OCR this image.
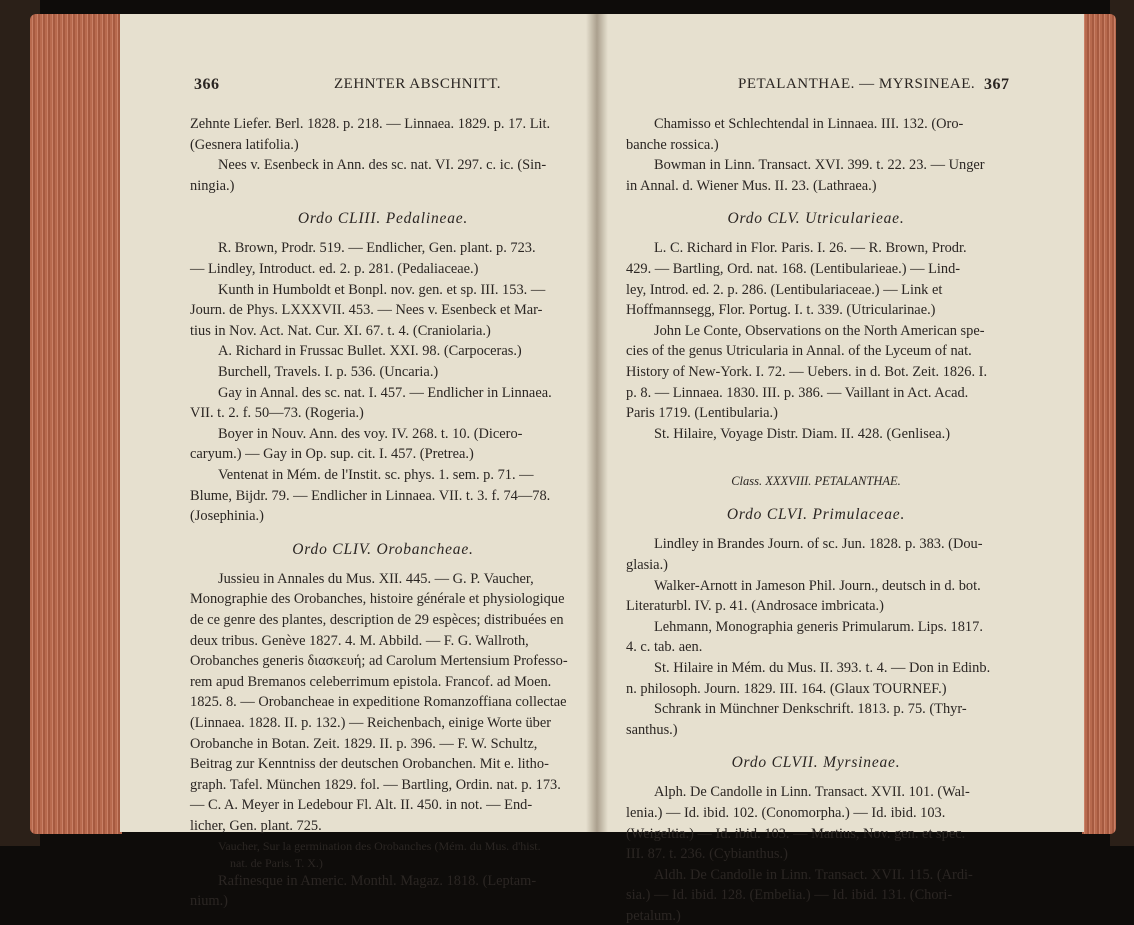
366	ZEHNTER ABSCHNITT.
Zehnte Liefer. Berl. 1828. p. 218. — Linnaea. 1829. p. 17. Lit.
(Gesnera latifolia.)
Nees v. Esenbeck in Ann. des sc. nat. VI. 297. c. ic. (Sin-
ningia.)
Ordo CLIII. Pedalineae.
R. Brown, Prodr. 519. — Endlicher, Gen. plant. p. 723.
— Lindley, Introduct. ed. 2. p. 281. (Pedaliaceae.)
Kunth in Humboldt et Bonpl. nov. gen. et sp. III. 153. —
Journ. de Phys. LXXXVII. 453. — Nees v. Esenbeck et Mar-
tius in Nov. Act. Nat. Cur. XI. 67. t. 4. (Craniolaria.)
A. Richard in Frussac Bullet. XXI. 98. (Carpoceras.)
Burchell, Travels. I. p. 536. (Uncaria.)
Gay in Annal. des sc. nat. I. 457. — Endlicher in Linnaea.
VII. t. 2. f. 50—73. (Rogeria.)
Boyer in Nouv. Ann. des voy. IV. 268. t. 10. (Dicero-
caryum.) — Gay in Op. sup. cit. I. 457. (Pretrea.)
Ventenat in Mém. de l'Instit. sc. phys. 1. sem. p. 71. —
Blume, Bijdr. 79. — Endlicher in Linnaea. VII. t. 3. f. 74—78.
(Josephinia.)
Ordo CLIV. Orobancheae.
Jussieu in Annales du Mus. XII. 445. — G. P. Vaucher,
Monographie des Orobanches, histoire générale et physiologique
de ce genre des plantes, description de 29 espèces; distribuées en
deux tribus. Genève 1827. 4. M. Abbild. — F. G. Wallroth,
Orobanches generis διασκευή; ad Carolum Mertensium Professo-
rem apud Bremanos celeberrimum epistola. Francof. ad Moen.
1825. 8. — Orobancheae in expeditione Romanzoffiana collectae
(Linnaea. 1828. II. p. 132.) — Reichenbach, einige Worte über
Orobanche in Botan. Zeit. 1829. II. p. 396. — F. W. Schultz,
Beitrag zur Kenntniss der deutschen Orobanchen. Mit e. litho-
graph. Tafel. München 1829. fol. — Bartling, Ordin. nat. p. 173.
— C. A. Meyer in Ledebour Fl. Alt. II. 450. in not. — End-
licher, Gen. plant. 725.
Vaucher, Sur la germination des Orobanches (Mém. du Mus. d'hist.
nat. de Paris. T. X.)
Rafinesque in Americ. Monthl. Magaz. 1818. (Leptam-
nium.)
PETALANTHAE. — MYRSINEAE. 367
Chamisso et Schlechtendal in Linnaea. III. 132. (Oro-
banche rossica.)
Bowman in Linn. Transact. XVI. 399. t. 22. 23. — Unger
in Annal. d. Wiener Mus. II. 23. (Lathraea.)
Ordo CLV. Utricularieae.
L. C. Richard in Flor. Paris. I. 26. — R. Brown, Prodr.
429. — Bartling, Ord. nat. 168. (Lentibularieae.) — Lind-
ley, Introd. ed. 2. p. 286. (Lentibulariaceae.) — Link et
Hoffmannsegg, Flor. Portug. I. t. 339. (Utricularinae.)
John Le Conte, Observations on the North American spe-
cies of the genus Utricularia in Annal. of the Lyceum of nat.
History of New-York. I. 72. — Uebers. in d. Bot. Zeit. 1826. I.
p. 8. — Linnaea. 1830. III. p. 386. — Vaillant in Act. Acad.
Paris 1719. (Lentibularia.)
St. Hilaire, Voyage Distr. Diam. II. 428. (Genlisea.)
Class. XXXVIII. PETALANTHAE.
Ordo CLVI. Primulaceae.
Lindley in Brandes Journ. of sc. Jun. 1828. p. 383. (Dou-
glasia.)
Walker-Arnott in Jameson Phil. Journ., deutsch in d. bot.
Literaturbl. IV. p. 41. (Androsace imbricata.)
Lehmann, Monographia generis Primularum. Lips. 1817.
4. c. tab. aen.
St. Hilaire in Mém. du Mus. II. 393. t. 4. — Don in Edinb.
n. philosoph. Journ. 1829. III. 164. (Glaux TOURNEF.)
Schrank in Münchner Denkschrift. 1813. p. 75. (Thyr-
santhus.)
Ordo CLVII. Myrsineae.
Alph. De Candolle in Linn. Transact. XVII. 101. (Wal-
lenia.) — Id. ibid. 102. (Conomorpha.) — Id. ibid. 103.
(Weigeltia.) — Id. ibid. 103. — Martius, Nov. gen. et spec.
III. 87. t. 236. (Cybianthus.)
Aldh. De Candolle in Linn. Transact. XVII. 115. (Ardi-
sia.) — Id. ibid. 128. (Embelia.) — Id. ibid. 131. (Chori-
petalum.)
